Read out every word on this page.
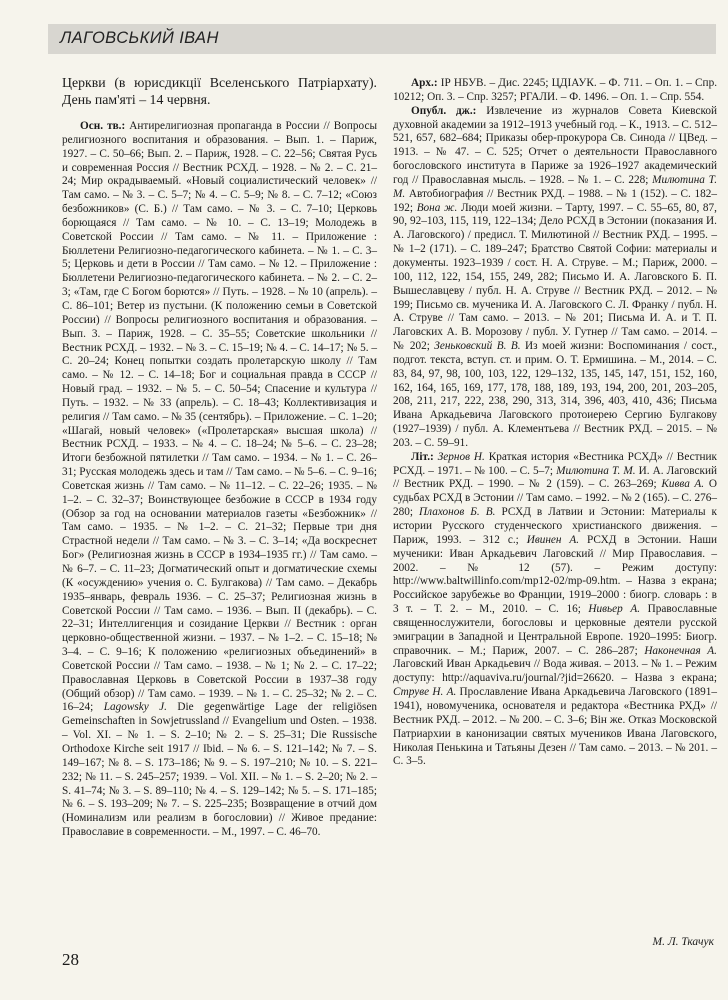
ЛАГОВСЬКИЙ ІВАН

Церкви (в юрисдикції Вселенського Патріархату). День пам'яті – 14 червня.

Осн. тв.: Антирелигиозная пропаганда в России // Вопросы религиозного воспитания и образования. – Вып. 1. – Париж, 1927. – С. 50–66; Вып. 2. – Париж, 1928. – С. 22–56; Святая Русь и современная Россия // Вестник РСХД. – 1928. – № 2. – С. 21–24; Мир окрадываемый. «Новый социалистический человек» // Там само. – № 3. – С. 5–7; № 4. – С. 5–9; № 8. – С. 7–12; «Союз безбожников» (С. Б.) // Там само. – № 3. – С. 7–10; Церковь борющаяся // Там само. – № 10. – С. 13–19; Молодежь в Советской России // Там само. – № 11. – Приложение : Бюллетени Религиозно-педагогического кабинета. – № 1. – С. 3–5; Церковь и дети в России // Там само. – № 12. – Приложение : Бюллетени Религиозно-педагогического кабинета. – № 2. – С. 2–3; «Там, где С Богом борются» // Путь. – 1928. – № 10 (апрель). – С. 86–101; Ветер из пустыни. (К положению семьи в Советской России) // Вопросы религиозного воспитания и образования. – Вып. 3. – Париж, 1928. – С. 35–55; Советские школьники // Вестник РСХД. – 1932. – № 3. – С. 15–19; № 4. – С. 14–17; № 5. – С. 20–24; Конец попытки создать пролетарскую школу // Там само. – № 12. – С. 14–18; Бог и социальная правда в СССР // Новый град. – 1932. – № 5. – С. 50–54; Спасение и культура // Путь. – 1932. – № 33 (апрель). – С. 18–43; Коллективизация и религия // Там само. – № 35 (сентябрь). – Приложение. – С. 1–20; «Шагай, новый человек» («Пролетарская» высшая школа) // Вестник РСХД. – 1933. – № 4. – С. 18–24; № 5–6. – С. 23–28; Итоги безбожной пятилетки // Там само. – 1934. – № 1. – С. 26–31; Русская молодежь здесь и там // Там само. – № 5–6. – С. 9–16; Советская жизнь // Там само. – № 11–12. – С. 22–26; 1935. – № 1–2. – С. 32–37; Воинствующее безбожие в СССР в 1934 году (Обзор за год на основании материалов газеты «Безбожник» // Там само. – 1935. – № 1–2. – С. 21–32; Первые три дня Страстной недели // Там само. – № 3. – С. 3–14; «Да воскреснет Бог» (Религиозная жизнь в СССР в 1934–1935 гг.) // Там само. – № 6–7. – С. 11–23; Догматический опыт и догматические схемы (К «осуждению» учения о. С. Булгакова) // Там само. – Декабрь 1935–январь, февраль 1936. – С. 25–37; Религиозная жизнь в Советской России // Там само. – 1936. – Вып. II (декабрь). – С. 22–31; Интеллигенция и созидание Церкви // Вестник : орган церковно-общественной жизни. – 1937. – № 1–2. – С. 15–18; № 3–4. – С. 9–16; К положению «религиозных объединений» в Советской России // Там само. – 1938. – № 1; № 2. – С. 17–22; Православная Церковь в Советской России в 1937–38 году (Общий обзор) // Там само. – 1939. – № 1. – С. 25–32; № 2. – С. 16–24; Lagowsky J. Die gegenwärtige Lage der religiösen Gemeinschaften in Sowjetrussland // Evangelium und Osten. – 1938. – Vol. XI. – № 1. – S. 2–10; № 2. – S. 25–31; Die Russische Orthodoxe Kirche seit 1917 // Ibid. – № 6. – S. 121–142; № 7. – S. 149–167; № 8. – S. 173–186; № 9. – S. 197–210; № 10. – S. 221–232; № 11. – S. 245–257; 1939. – Vol. XII. – № 1. – S. 2–20; № 2. – S. 41–74; № 3. – S. 89–110; № 4. – S. 129–142; № 5. – S. 171–185; № 6. – S. 193–209; № 7. – S. 225–235; Возвращение в отчий дом (Номинализм или реализм в богословии) // Живое предание: Православие в современности. – М., 1997. – С. 46–70.

Арх.: ІР НБУВ. – Дис. 2245; ЦДІАУК. – Ф. 711. – Оп. 1. – Спр. 10212; Оп. 3. – Спр. 3257; РГАЛИ. – Ф. 1496. – Оп. 1. – Спр. 554.

Опубл. дж.: Извлечение из журналов Совета Киевской духовной академии за 1912–1913 учебный год. – К., 1913. – С. 512–521, 657, 682–684; Приказы обер-прокурора Св. Синода // ЦВед. – 1913. – № 47. – С. 525; Отчет о деятельности Православного богословского института в Париже за 1926–1927 академический год // Православная мысль. – 1928. – № 1. – С. 228; Милютина Т. М. Автобиография // Вестник РХД. – 1988. – № 1 (152). – С. 182–192; Вона ж. Люди моей жизни. – Тарту, 1997. – С. 55–65, 80, 87, 90, 92–103, 115, 119, 122–134; Дело РСХД в Эстонии (показания И. А. Лаговского) / предисл. Т. Милютиной // Вестник РХД. – 1995. – № 1–2 (171). – С. 189–247; Братство Святой Софии: материалы и документы. 1923–1939 / сост. Н. А. Струве. – М.; Париж, 2000. – 100, 112, 122, 154, 155, 249, 282; Письмо И. А. Лаговского Б. П. Вышеславцеву / публ. Н. А. Струве // Вестник РХД. – 2012. – № 199; Письмо св. мученика И. А. Лаговского С. Л. Франку / публ. Н. А. Струве // Там само. – 2013. – № 201; Письма И. А. и Т. П. Лаговских А. В. Морозову / публ. У. Гутнер // Там само. – 2014. – № 202; Зеньковский В. В. Из моей жизни: Воспоминания / сост., подгот. текста, вступ. ст. и прим. О. Т. Ермишина. – М., 2014. – С. 83, 84, 97, 98, 100, 103, 122, 129–132, 135, 145, 147, 151, 152, 160, 162, 164, 165, 169, 177, 178, 188, 189, 193, 194, 200, 201, 203–205, 208, 211, 217, 222, 238, 290, 313, 314, 396, 403, 410, 436; Письма Ивана Аркадьевича Лаговского протоиерею Сергию Булгакову (1927–1939) / публ. А. Клементьева // Вестник РХД. – 2015. – № 203. – С. 59–91.

Літ.: Зернов Н. Краткая история «Вестника РСХД» // Вестник РСХД. – 1971. – № 100. – С. 5–7; Милютина Т. М. И. А. Лаговский // Вестник РХД. – 1990. – № 2 (159). – С. 263–269; Киввa A. О судьбах РСХД в Эстонии // Там само. – 1992. – № 2 (165). – С. 276–280; Плахонов Б. В. РСХД в Латвии и Эстонии: Материалы к истории Русского студенческого христианского движения. – Париж, 1993. – 312 с.; Ивинен А. РСХД в Эстонии. Наши мученики: Иван Аркадьевич Лаговский // Мир Православия. – 2002. – № 12 (57). – Режим доступу: http://www.baltwillinfo.com/mp12-02/mp-09.htm. – Назва з екрана; Российское зарубежье во Франции, 1919–2000 : биогр. словарь : в 3 т. – Т. 2. – М., 2010. – С. 16; Нивьер А. Православные священнослужители, богословы и церковные деятели русской эмиграции в Западной и Центральной Европе. 1920–1995: Биогр. справочник. – М.; Париж, 2007. – С. 286–287; Наконечная А. Лаговский Иван Аркадьевич // Вода живая. – 2013. – № 1. – Режим доступу: http://aquaviva.ru/journal/?jid=26620. – Назва з екрана; Струве Н. А. Прославление Ивана Аркадьевича Лаговского (1891–1941), новомученика, основателя и редактора «Вестника РХД» // Вестник РХД. – 2012. – № 200. – С. 3–6; Він же. Отказ Московской Патриархии в канонизации святых мучеников Ивана Лаговского, Николая Пенькина и Татьяны Дезен // Там само. – 2013. – № 201. – С. 3–5.

М. Л. Ткачук
28
